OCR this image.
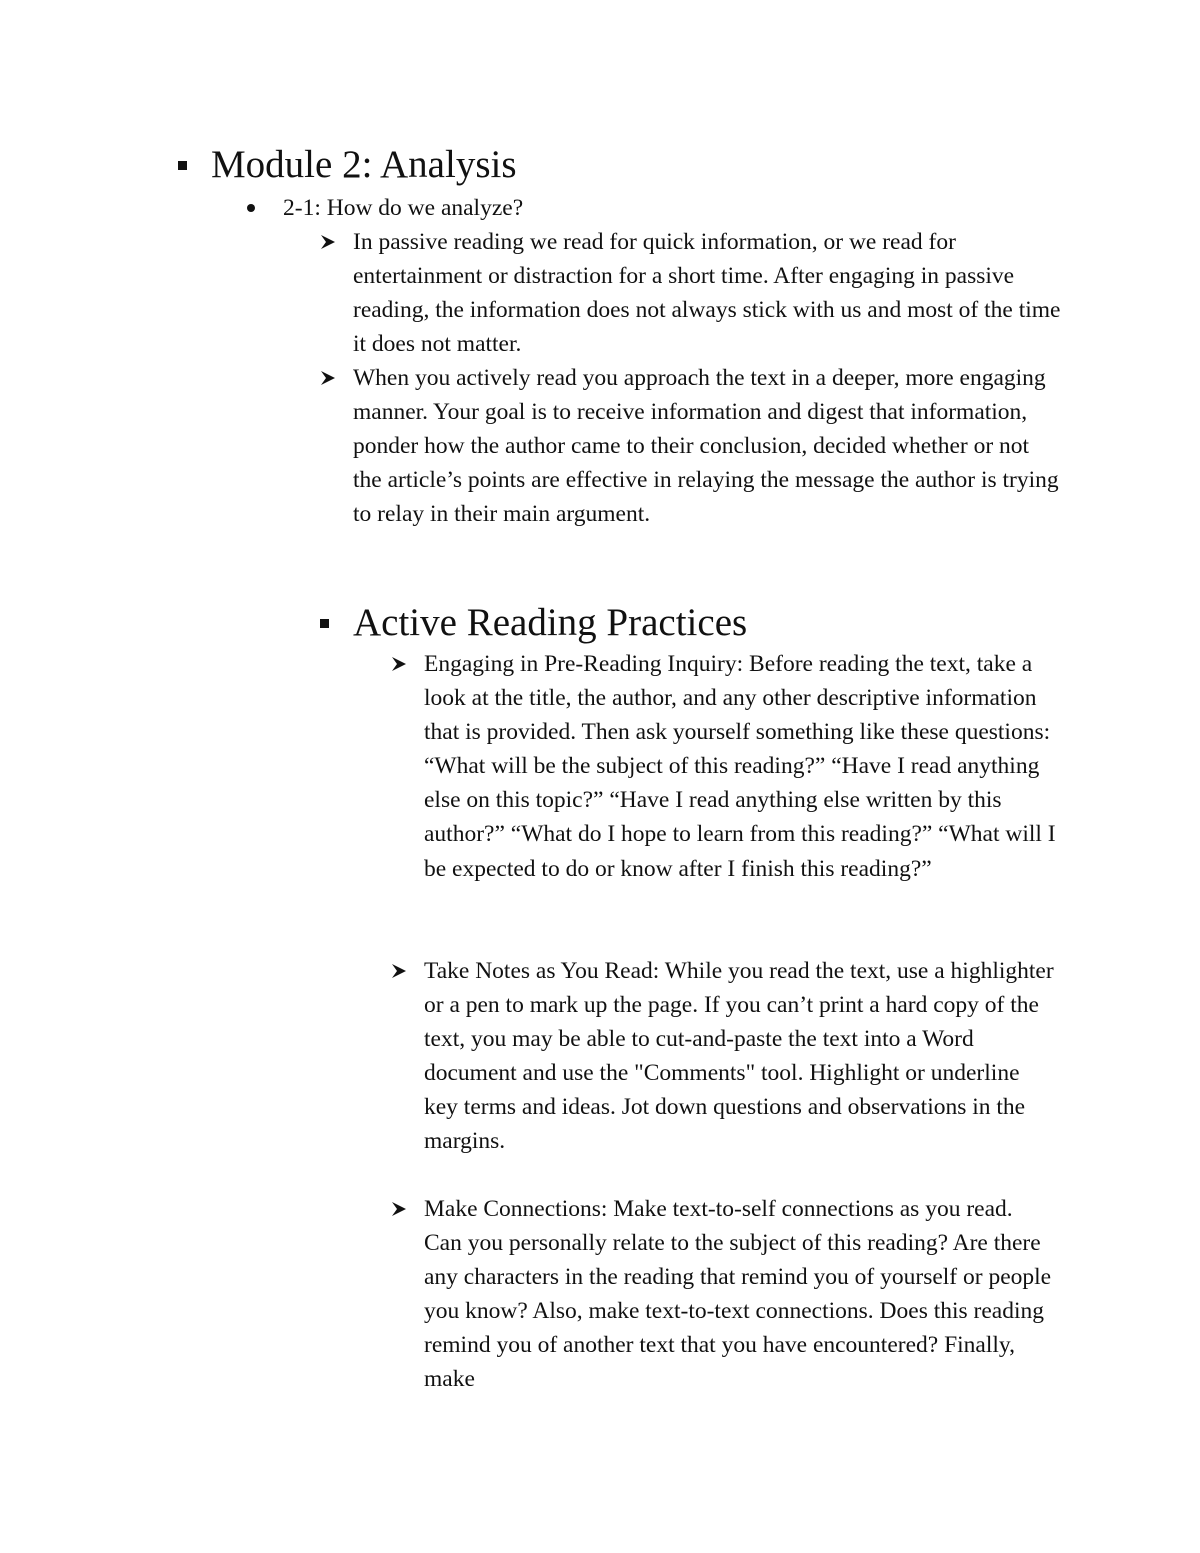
Module 2: Analysis
2-1: How do we analyze?
In passive reading we read for quick information, or we read for entertainment or distraction for a short time. After engaging in passive reading, the information does not always stick with us and most of the time it does not matter.
When you actively read you approach the text in a deeper, more engaging manner. Your goal is to receive information and digest that information, ponder how the author came to their conclusion, decided whether or not the article’s points are effective in relaying the message the author is trying to relay in their main argument.
Active Reading Practices
Engaging in Pre-Reading Inquiry: Before reading the text, take a look at the title, the author, and any other descriptive information that is provided. Then ask yourself something like these questions: “What will be the subject of this reading?” “Have I read anything else on this topic?” “Have I read anything else written by this author?” “What do I hope to learn from this reading?” “What will I be expected to do or know after I finish this reading?”
Take Notes as You Read: While you read the text, use a highlighter or a pen to mark up the page. If you can’t print a hard copy of the text, you may be able to cut-and-paste the text into a Word document and use the "Comments" tool. Highlight or underline key terms and ideas. Jot down questions and observations in the margins.
Make Connections: Make text-to-self connections as you read. Can you personally relate to the subject of this reading? Are there any characters in the reading that remind you of yourself or people you know? Also, make text-to-text connections. Does this reading remind you of another text that you have encountered? Finally, make
